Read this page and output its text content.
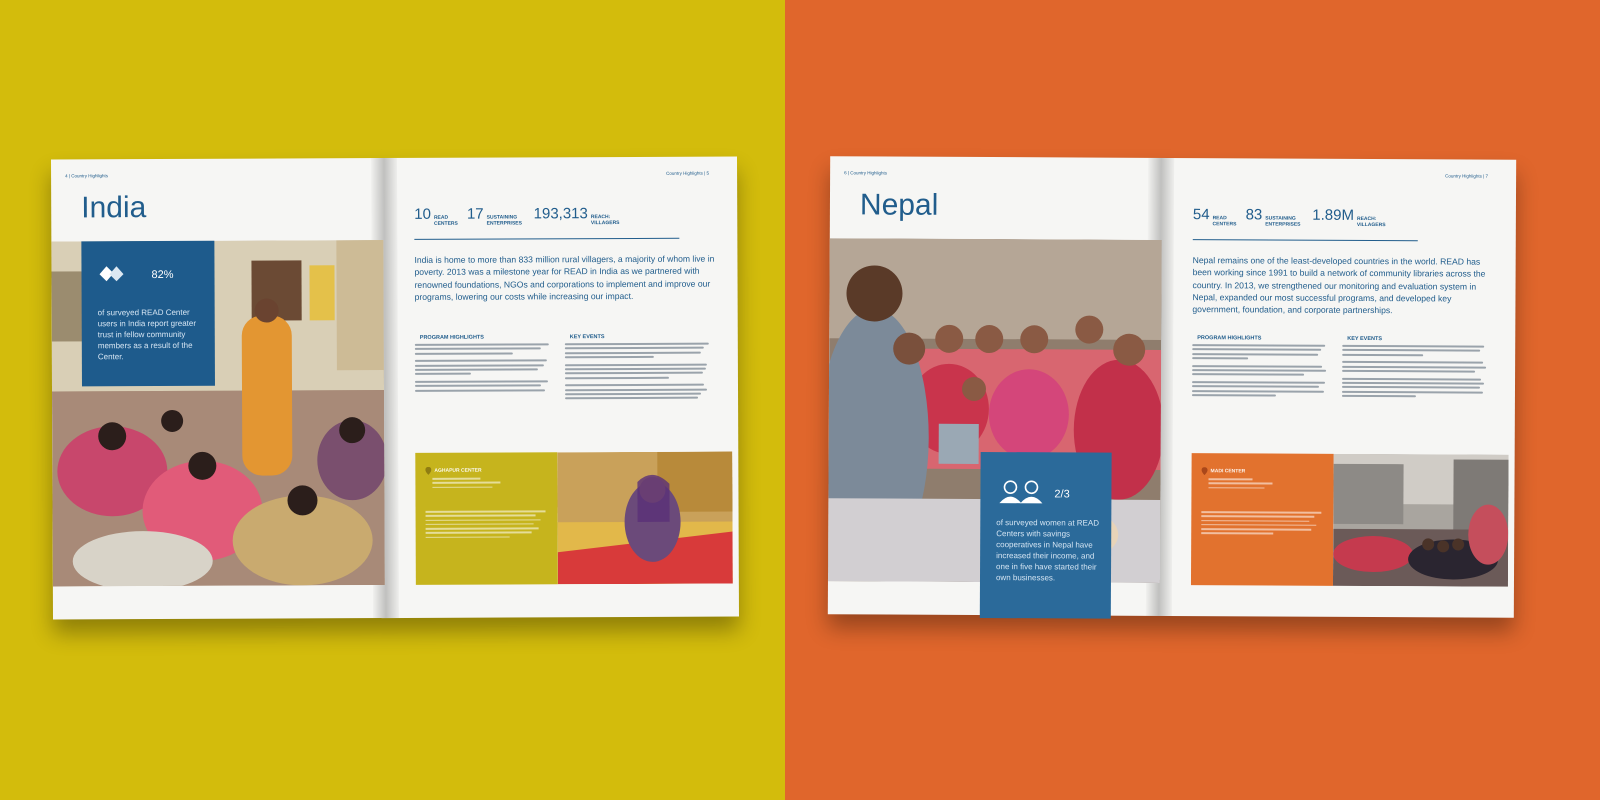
4 | Country Highlights
Country Highlights | 5
India
82%
of surveyed READ Center users in India report greater trust in fellow community members as a result of the Center.
10 READ CENTERS
17 SUSTAINING ENTERPRISES
193,313 REACH: VILLAGERS
India is home to more than 833 million rural villagers, a majority of whom live in poverty. 2013 was a milestone year for READ in India as we partnered with renowned foundations, NGOs and corporations to implement and improve our programs, lowering our costs while increasing our impact.
PROGRAM HIGHLIGHTS	KEY EVENTS
AGHAPUR CENTER
6 | Country Highlights
Country Highlights | 7
Nepal
2/3
of surveyed women at READ Centers with savings cooperatives in Nepal have increased their income, and one in five have started their own businesses.
54 READ CENTERS
83 SUSTAINING ENTERPRISES
1.89M REACH: VILLAGERS
Nepal remains one of the least-developed countries in the world. READ has been working since 1991 to build a network of community libraries across the country. In 2013, we strengthened our monitoring and evaluation system in Nepal, expanded our most successful programs, and developed key government, foundation, and corporate partnerships.
PROGRAM HIGHLIGHTS	KEY EVENTS
MADI CENTER
